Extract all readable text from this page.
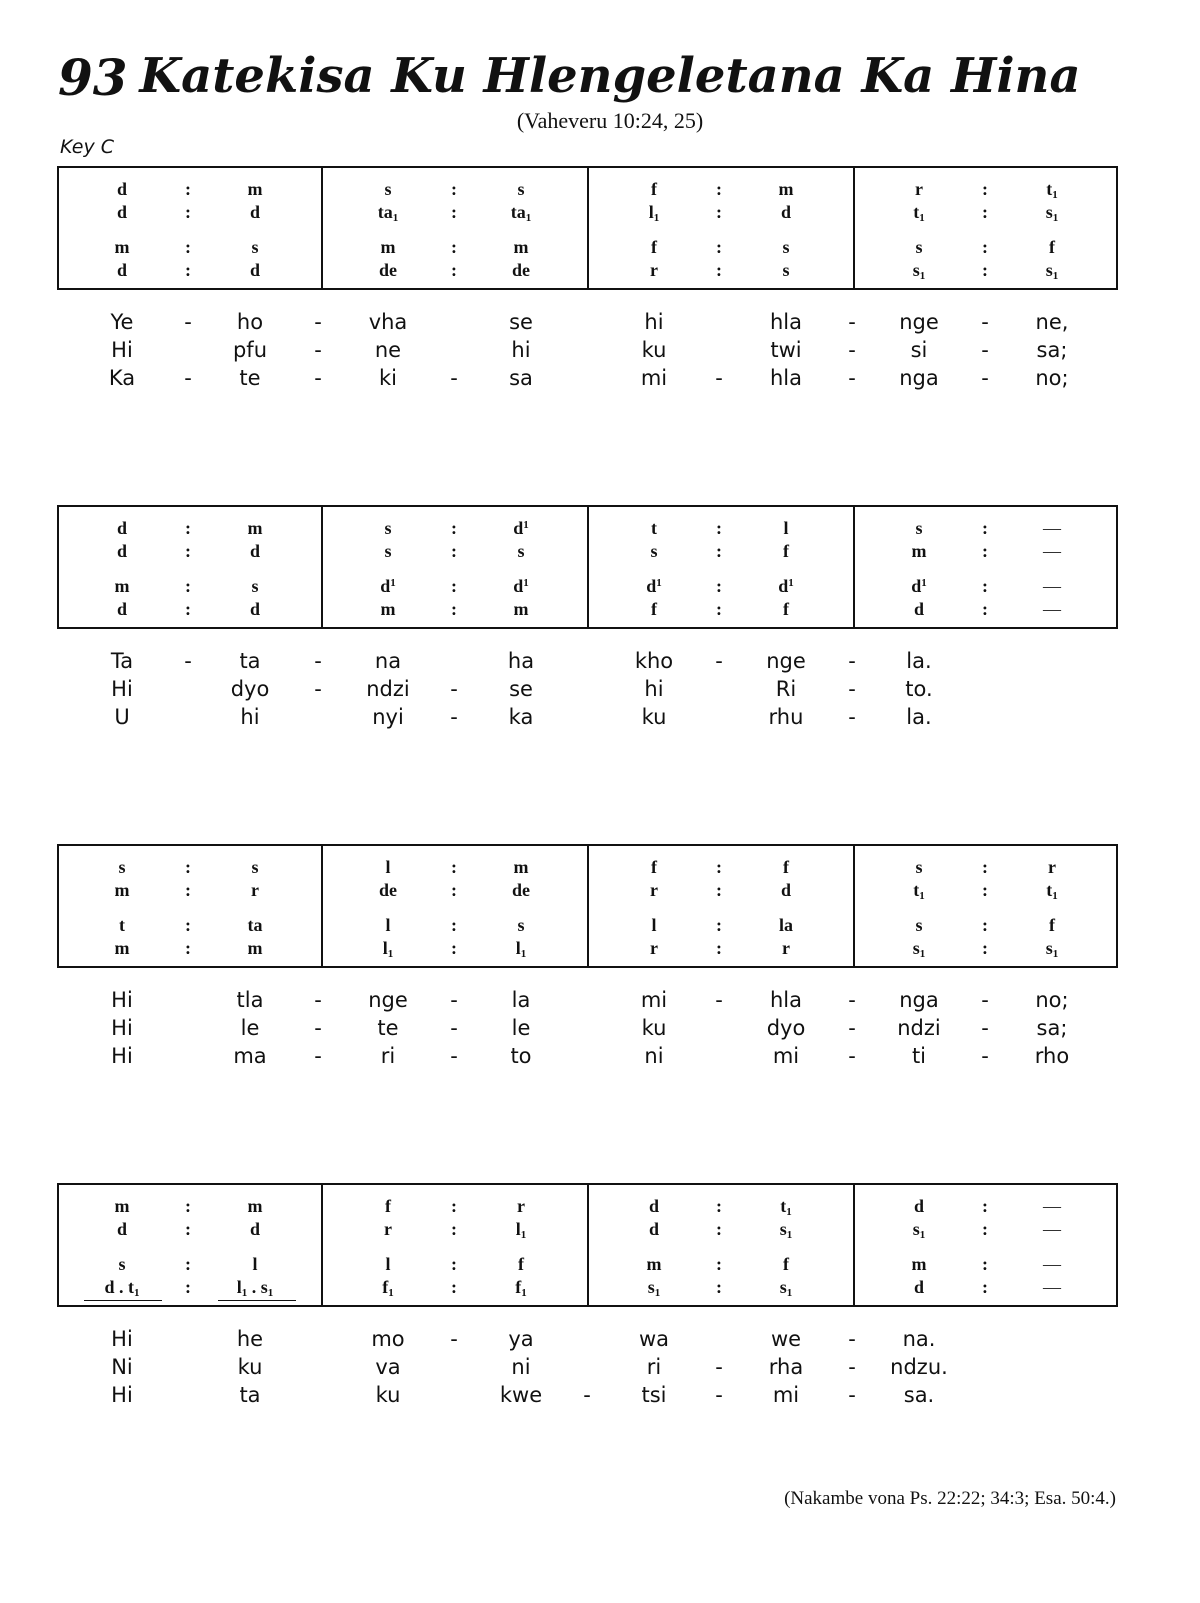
93 Katekisa Ku Hlengeletana Ka Hina
(Vaheveru 10:24, 25)
Key C
d	:	m	s	:	s	f	:	m	r	:	$t_1$
d	:	d	$ta_1$	:	$ta_1$	$l_1$	:	d	$t_1$	:	$s_1$
m	:	s	m	:	m	f	:	s	s	:	f
d	:	d	de	:	de	r	:	s	$s_1$	:	$s_1$
Ye	-	ho	-	vha	se	hi	hla	-	nge	-	ne,
Hi	pfu	-	ne	hi	ku	twi	-	si	-	sa;
Ka	-	te	-	ki	-	sa	mi	-	hla	-	nga	-	no;
d	:	m	s	:	$d^1$	t	:	l	s	:	—
d	:	d	s	:	s	s	:	f	m	:	—
m	:	s	$d^1$	:	$d^1$	$d^1$	:	$d^1$	$d^1$	:	—
d	:	d	m	:	m	f	:	f	d	:	—
Ta	-	ta	-	na	ha	kho	-	nge	-	la.
Hi	dyo	-	ndzi	-	se	hi	Ri	-	to.
U	hi	nyi	-	ka	ku	rhu	-	la.
s	:	s	l	:	m	f	:	f	s	:	r
m	:	r	de	:	de	r	:	d	$t_1$	:	$t_1$
t	:	ta	l	:	s	l	:	la	s	:	f
m	:	m	$l_1$	:	$l_1$	r	:	r	$s_1$	:	$s_1$
Hi	tla	-	nge	-	la	mi	-	hla	-	nga	-	no;
Hi	le	-	te	-	le	ku	dyo	-	ndzi	-	sa;
Hi	ma	-	ri	-	to	ni	mi	-	ti	-	rho
m	:	m	f	:	r	d	:	$t_1$	d	:	—
d	:	d	r	:	$l_1$	d	:	$s_1$	$s_1$	:	—
s	:	l	l	:	f	m	:	f	m	:	—
d . $t_1$	:	$l_1$ . $s_1$	$f_1$	:	$f_1$	$s_1$	:	$s_1$	d	:	—
Hi	he	mo	-	ya	wa	we	-	na.
Ni	ku	va	ni	ri	-	rha	-	ndzu.
Hi	ta	ku	kwe	-	tsi	-	mi	-	sa.
(Nakambe vona Ps. 22:22; 34:3; Esa. 50:4.)
